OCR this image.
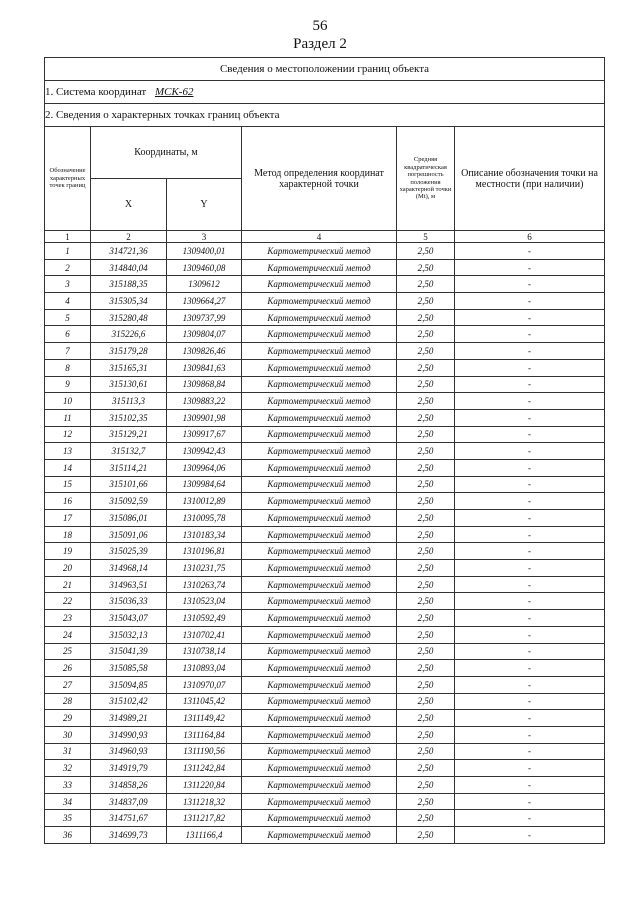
56
Раздел 2
Сведения о местоположении границ объекта					
1. Система координат МСК-62					
2. Сведения о характерных точках границ объекта					
Обозначение характерных точек границ	Координаты, м		Метод определения координат характерной точки	Средняя квадратическая погрешность положения характерной точки (Mt), м	Описание обозначения точки на местности (при наличии)
	X	Y			
1	2	3	4	5	6
1	314721,36	1309400,01	Картометрический метод	2,50	-
2	314840,04	1309460,08	Картометрический метод	2,50	-
3	315188,35	1309612	Картометрический метод	2,50	-
4	315305,34	1309664,27	Картометрический метод	2,50	-
5	315280,48	1309737,99	Картометрический метод	2,50	-
6	315226,6	1309804,07	Картометрический метод	2,50	-
7	315179,28	1309826,46	Картометрический метод	2,50	-
8	315165,31	1309841,63	Картометрический метод	2,50	-
9	315130,61	1309868,84	Картометрический метод	2,50	-
10	315113,3	1309883,22	Картометрический метод	2,50	-
11	315102,35	1309901,98	Картометрический метод	2,50	-
12	315129,21	1309917,67	Картометрический метод	2,50	-
13	315132,7	1309942,43	Картометрический метод	2,50	-
14	315114,21	1309964,06	Картометрический метод	2,50	-
15	315101,66	1309984,64	Картометрический метод	2,50	-
16	315092,59	1310012,89	Картометрический метод	2,50	-
17	315086,01	1310095,78	Картометрический метод	2,50	-
18	315091,06	1310183,34	Картометрический метод	2,50	-
19	315025,39	1310196,81	Картометрический метод	2,50	-
20	314968,14	1310231,75	Картометрический метод	2,50	-
21	314963,51	1310263,74	Картометрический метод	2,50	-
22	315036,33	1310523,04	Картометрический метод	2,50	-
23	315043,07	1310592,49	Картометрический метод	2,50	-
24	315032,13	1310702,41	Картометрический метод	2,50	-
25	315041,39	1310738,14	Картометрический метод	2,50	-
26	315085,58	1310893,04	Картометрический метод	2,50	-
27	315094,85	1310970,07	Картометрический метод	2,50	-
28	315102,42	1311045,42	Картометрический метод	2,50	-
29	314989,21	1311149,42	Картометрический метод	2,50	-
30	314990,93	1311164,84	Картометрический метод	2,50	-
31	314960,93	1311190,56	Картометрический метод	2,50	-
32	314919,79	1311242,84	Картометрический метод	2,50	-
33	314858,26	1311220,84	Картометрический метод	2,50	-
34	314837,09	1311218,32	Картометрический метод	2,50	-
35	314751,67	1311217,82	Картометрический метод	2,50	-
36	314699,73	1311166,4	Картометрический метод	2,50	-
